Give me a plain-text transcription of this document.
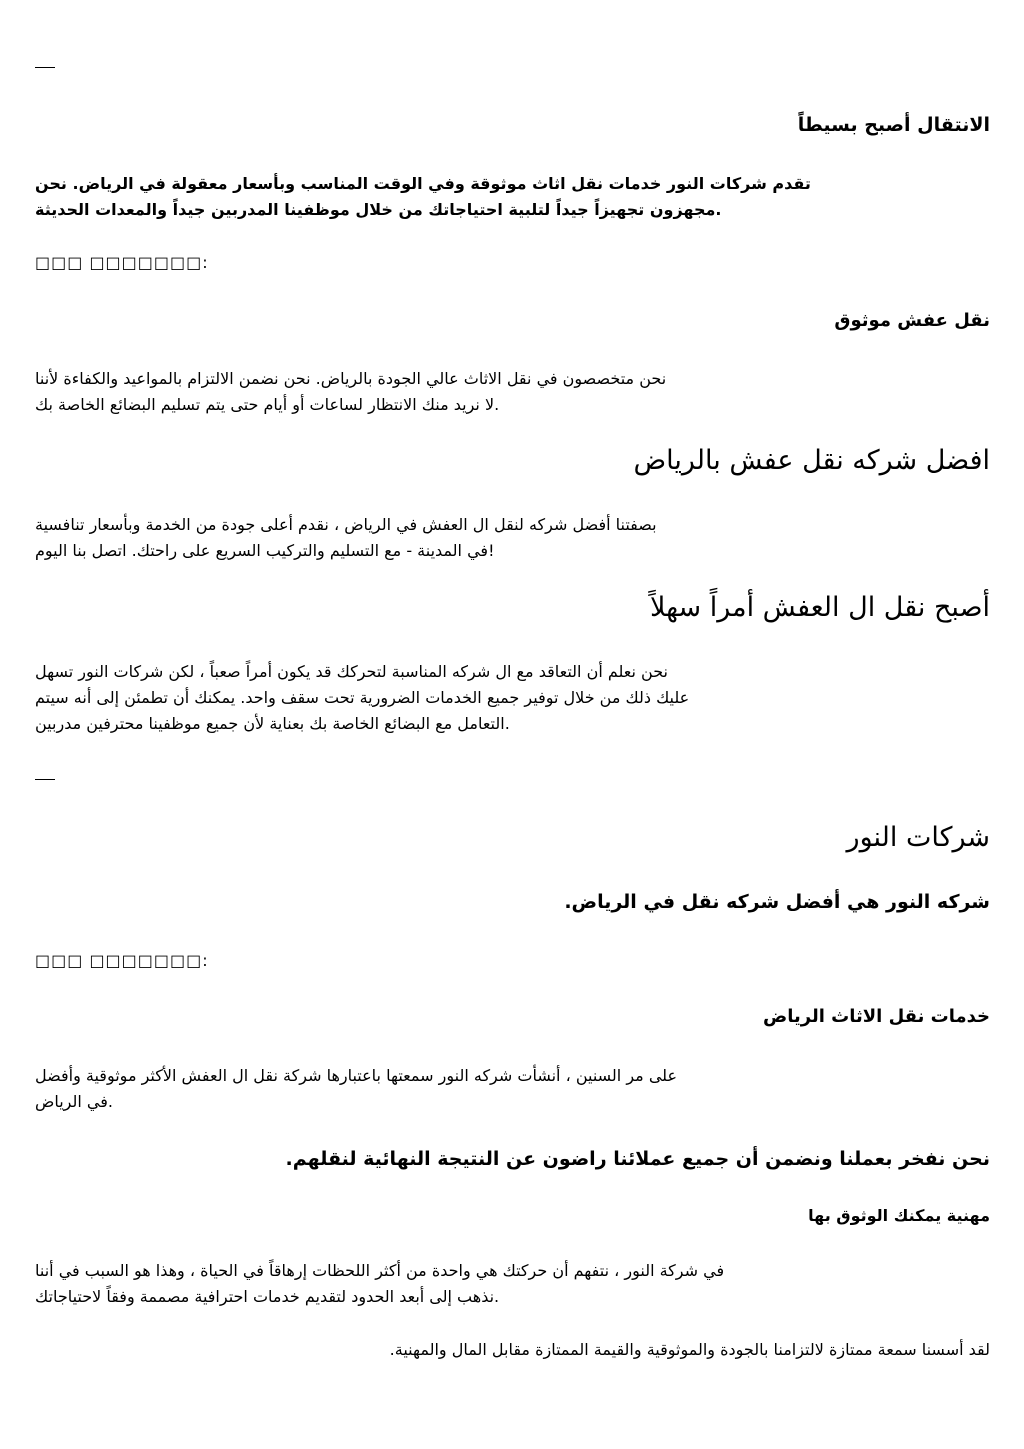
الانتقال أصبح بسيطاً

تقدم شركات النور خدمات نقل اثاث موثوقة وفي الوقت المناسب وبأسعار معقولة في الرياض. نحن
مجهزون تجهيزاً جيداً لتلبية احتياجاتك من خلال موظفينا المدربين جيداً والمعدات الحديثة.

□□□ □□□□□□□:

نقل عفش موثوق

نحن متخصصون في نقل الاثاث عالي الجودة بالرياض. نحن نضمن الالتزام بالمواعيد والكفاءة لأننا
لا نريد منك الانتظار لساعات أو أيام حتى يتم تسليم البضائع الخاصة بك.

افضل شركه نقل عفش بالرياض

بصفتنا أفضل شركه لنقل ال العفش في الرياض ، نقدم أعلى جودة من الخدمة وبأسعار تنافسية
في المدينة - مع التسليم والتركيب السريع على راحتك. اتصل بنا اليوم!

أصبح نقل ال العفش أمراً سهلاً

نحن نعلم أن التعاقد مع ال شركه المناسبة لتحركك قد يكون أمراً صعباً ، لكن شركات النور تسهل
عليك ذلك من خلال توفير جميع الخدمات الضرورية تحت سقف واحد. يمكنك أن تطمئن إلى أنه سيتم
التعامل مع البضائع الخاصة بك بعناية لأن جميع موظفينا محترفين مدربين.

شركات النور
شركه النور هي أفضل شركه نقل في الرياض.

□□□ □□□□□□□:

خدمات نقل الاثاث الرياض

على مر السنين ، أنشأت شركه النور سمعتها باعتبارها شركة نقل ال العفش الأكثر موثوقية وأفضل
في الرياض.

نحن نفخر بعملنا ونضمن أن جميع عملائنا راضون عن النتيجة النهائية لنقلهم.
مهنية يمكنك الوثوق بها

في شركة النور ، نتفهم أن حركتك هي واحدة من أكثر اللحظات إرهاقاً في الحياة ، وهذا هو السبب في أننا
نذهب إلى أبعد الحدود لتقديم خدمات احترافية مصممة وفقاً لاحتياجاتك.

لقد أسسنا سمعة ممتازة لالتزامنا بالجودة والموثوقية والقيمة الممتازة مقابل المال والمهنية.
